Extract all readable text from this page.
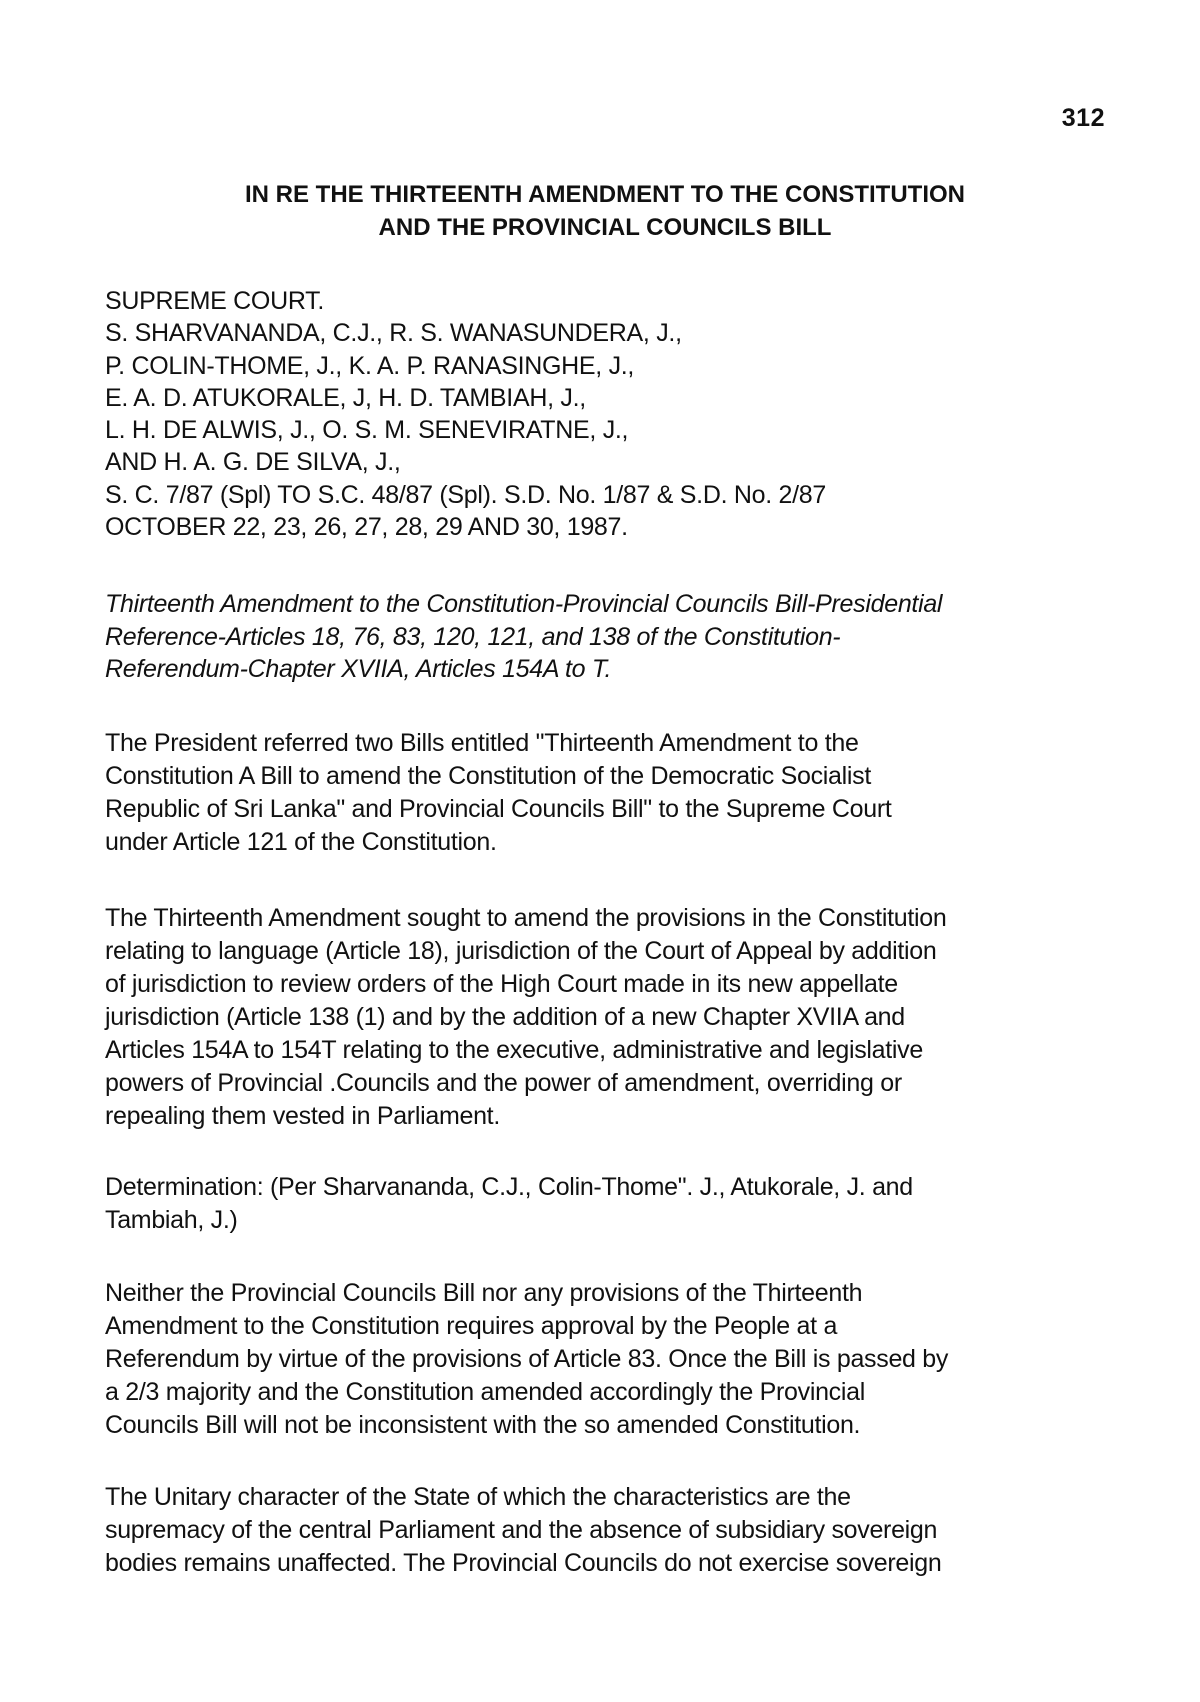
312
IN RE THE THIRTEENTH AMENDMENT TO THE CONSTITUTION
AND THE PROVINCIAL COUNCILS BILL
SUPREME COURT.
S. SHARVANANDA, C.J., R. S. WANASUNDERA, J.,
P. COLIN-THOME, J., K. A. P. RANASINGHE, J.,
E. A. D. ATUKORALE, J, H. D. TAMBIAH, J.,
L. H. DE ALWIS, J., O. S. M. SENEVIRATNE, J.,
AND H. A. G. DE SILVA, J.,
S. C. 7/87 (Spl) TO S.C. 48/87 (Spl). S.D. No. 1/87 & S.D. No. 2/87
OCTOBER 22, 23, 26, 27, 28, 29 AND 30, 1987.
Thirteenth Amendment to the Constitution-Provincial Councils Bill-Presidential
Reference-Articles 18, 76, 83, 120, 121, and 138 of the Constitution-
Referendum-Chapter XVIIA, Articles 154A to T.
The President referred two Bills entitled "Thirteenth Amendment to the
Constitution A Bill to amend the Constitution of the Democratic Socialist
Republic of Sri Lanka" and Provincial Councils Bill" to the Supreme Court
under Article 121 of the Constitution.
The Thirteenth Amendment sought to amend the provisions in the Constitution
relating to language (Article 18), jurisdiction of the Court of Appeal by addition
of jurisdiction to review orders of the High Court made in its new appellate
jurisdiction (Article 138 (1) and by the addition of a new Chapter XVIIA and
Articles 154A to 154T relating to the executive, administrative and legislative
powers of Provincial .Councils and the power of amendment, overriding or
repealing them vested in Parliament.
Determination: (Per Sharvananda, C.J., Colin-Thome". J., Atukorale, J. and
Tambiah, J.)
Neither the Provincial Councils Bill nor any provisions of the Thirteenth
Amendment to the Constitution requires approval by the People at a
Referendum by virtue of the provisions of Article 83. Once the Bill is passed by
a 2/3 majority and the Constitution amended accordingly the Provincial
Councils Bill will not be inconsistent with the so amended Constitution.
The Unitary character of the State of which the characteristics are the
supremacy of the central Parliament and the absence of subsidiary sovereign
bodies remains unaffected. The Provincial Councils do not exercise sovereign
